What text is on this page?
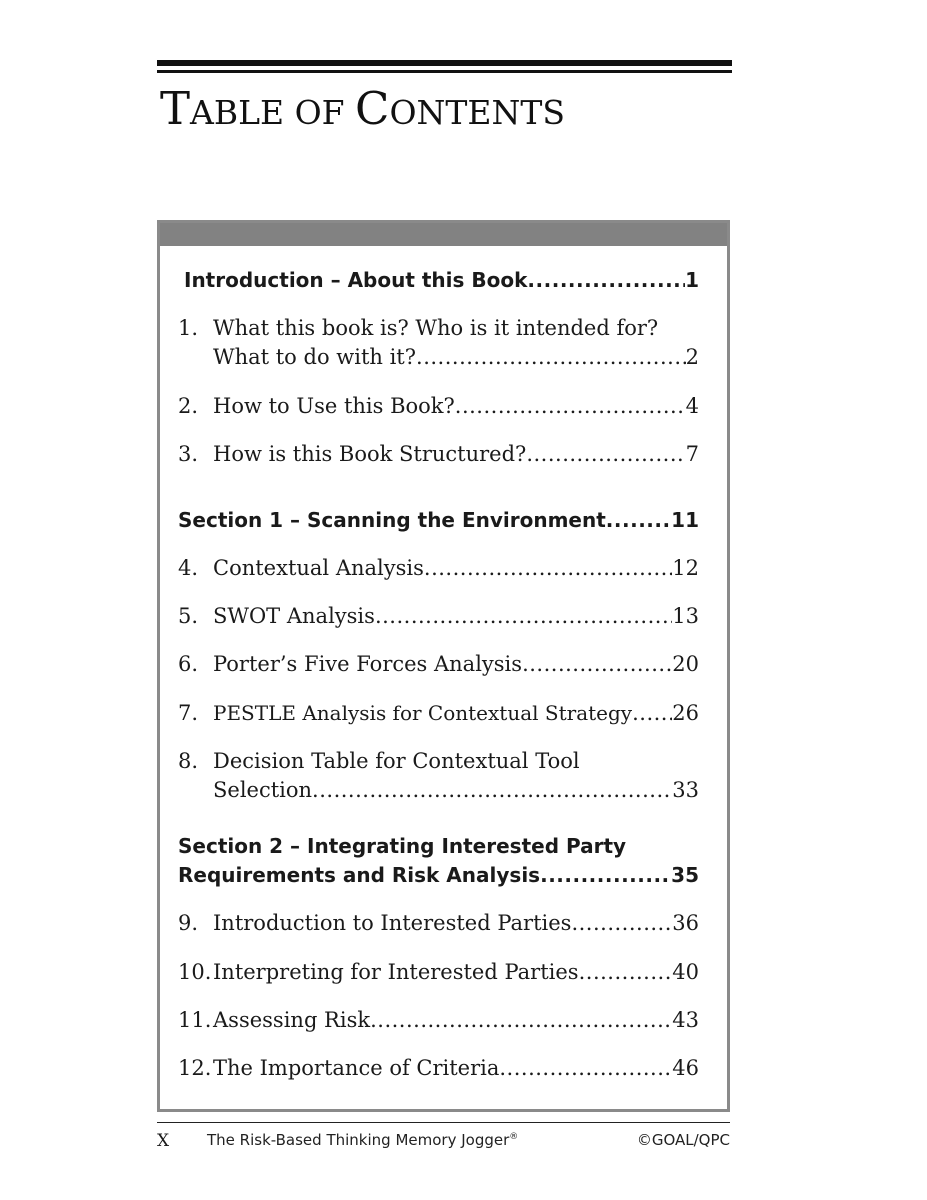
TABLE OF CONTENTS
Introduction – About this Book .....	1
1. What this book is? Who is it intended for?
What to do with it? .....	2
2. How to Use this Book? .....	4
3. How is this Book Structured? .....	7
Section 1 – Scanning the Environment .....	11
4. Contextual Analysis .....	12
5. SWOT Analysis .....	13
6. Porter’s Five Forces Analysis .....	20
7. PESTLE Analysis for Contextual Strategy ..... 26
8. Decision Table for Contextual Tool
Selection .....	33
Section 2 – Integrating Interested Party
Requirements and Risk Analysis .....	35
9. Introduction to Interested Parties .....	36
10. Interpreting for Interested Parties .....	40
11. Assessing Risk .....	43
12. The Importance of Criteria .....	46
X	The Risk-Based Thinking Memory Jogger®	©GOAL/QPC
